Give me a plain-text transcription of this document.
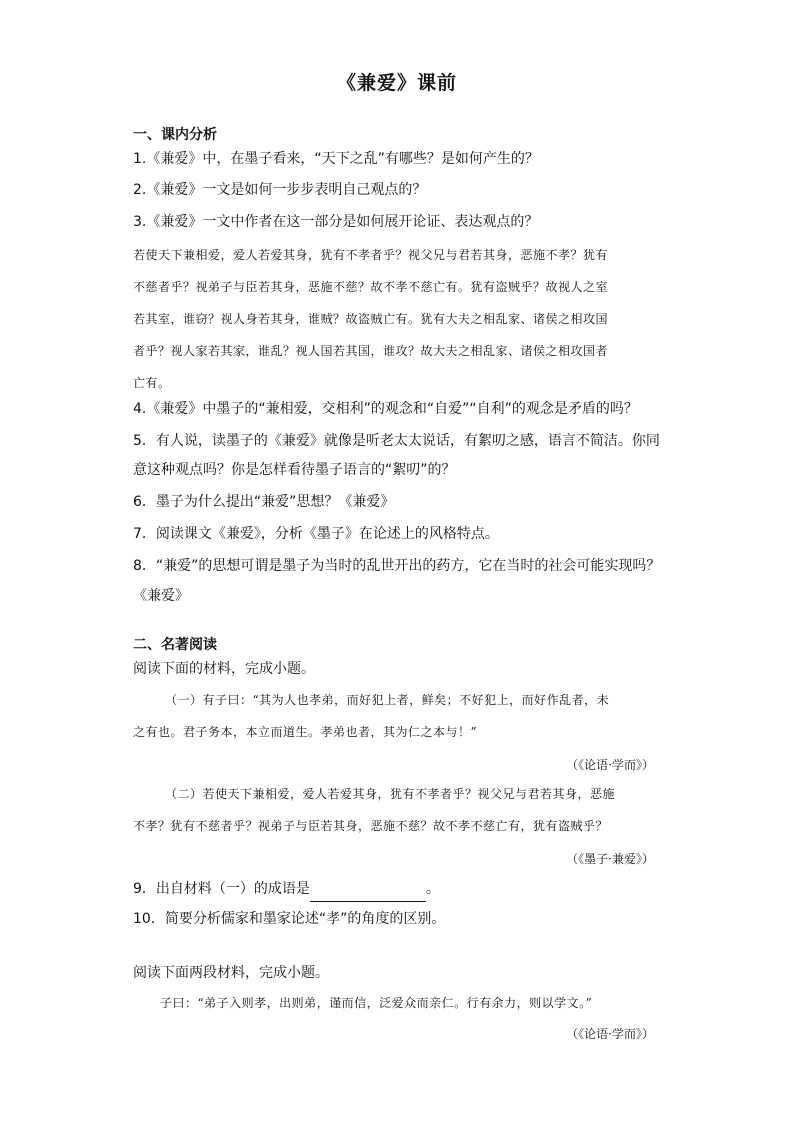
《兼爱》课前
一、课内分析
1.《兼爱》中，在墨子看来，“天下之乱”有哪些？是如何产生的？
2.《兼爱》一文是如何一步步表明自己观点的？
3.《兼爱》一文中作者在这一部分是如何展开论证、表达观点的？

若使天下兼相爱，爱人若爱其身，犹有不孝者乎？视父兄与君若其身，恶施不孝？犹有

不慈者乎？视弟子与臣若其身，恶施不慈？故不孝不慈亡有。犹有盗贼乎？故视人之室

若其室，谁窃？视人身若其身，谁贼？故盗贼亡有。犹有大夫之相乱家、诸侯之相攻国

者乎？视人家若其家，谁乱？视人国若其国，谁攻？故大夫之相乱家、诸侯之相攻国者

亡有。

4.《兼爱》中墨子的“兼相爱，交相利”的观念和“自爱”“自利”的观念是矛盾的吗？
5．有人说，读墨子的《兼爱》就像是听老太太说话，有絮叨之感，语言不简洁。你同
意这种观点吗？你是怎样看待墨子语言的“絮叨”的？
6．墨子为什么提出“兼爱”思想？《兼爱》
7．阅读课文《兼爱》，分析《墨子》在论述上的风格特点。
8．“兼爱”的思想可谓是墨子为当时的乱世开出的药方，它在当时的社会可能实现吗？
《兼爱》
二、名著阅读
阅读下面的材料，完成小题。

（一）有子曰：“其为人也孝弟，而好犯上者，鲜矣；不好犯上，而好作乱者，未

之有也。君子务本，本立而道生。孝弟也者，其为仁之本与！”

（《论语·学而》）

（二）若使天下兼相爱，爱人若爱其身，犹有不孝者乎？视父兄与君若其身，恶施

不孝？犹有不慈者乎？视弟子与臣若其身，恶施不慈？故不孝不慈亡有，犹有盗贼乎？

（《墨子·兼爱》）
9．出自材料（一）的成语是	。
10．简要分析儒家和墨家论述“孝”的角度的区别。
阅读下面两段材料，完成小题。

子曰：“弟子入则孝，出则弟，谨而信，泛爱众而亲仁。行有余力，则以学文。”

（《论语·学而》）
